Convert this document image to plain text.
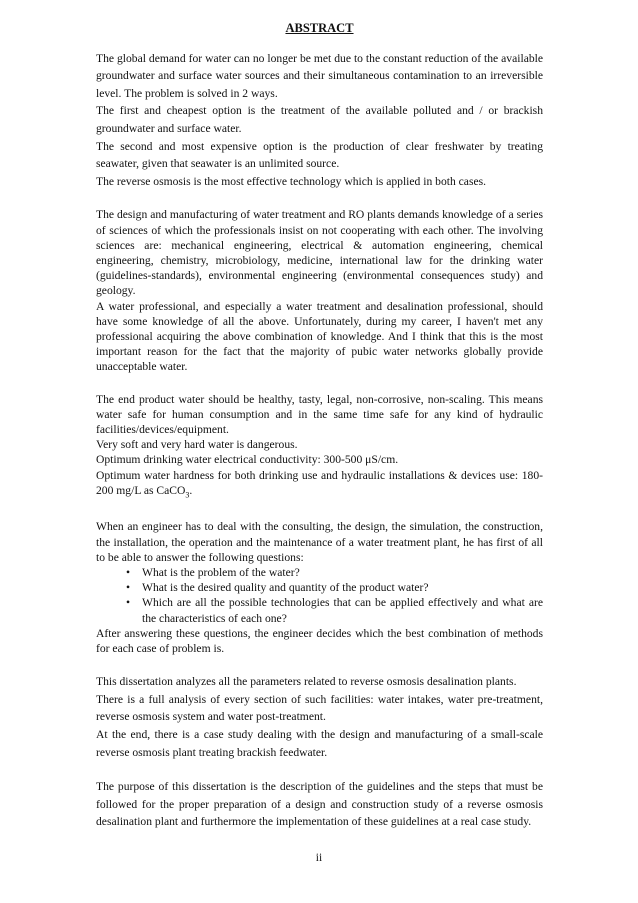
ABSTRACT

The global demand for water can no longer be met due to the constant reduction of the available groundwater and surface water sources and their simultaneous contamination to an irreversible level. The problem is solved in 2 ways.

The first and cheapest option is the treatment of the available polluted and / or brackish groundwater and surface water.

The second and most expensive option is the production of clear freshwater by treating seawater, given that seawater is an unlimited source.

The reverse osmosis is the most effective technology which is applied in both cases.

The design and manufacturing of water treatment and RO plants demands knowledge of a series of sciences of which the professionals insist on not cooperating with each other. The involving sciences are: mechanical engineering, electrical & automation engineering, chemical engineering, chemistry, microbiology, medicine, international law for the drinking water (guidelines-standards), environmental engineering (environmental consequences study) and geology.

A water professional, and especially a water treatment and desalination professional, should have some knowledge of all the above. Unfortunately, during my career, I haven't met any professional acquiring the above combination of knowledge. And I think that this is the most important reason for the fact that the majority of pubic water networks globally provide unacceptable water.

The end product water should be healthy, tasty, legal, non-corrosive, non-scaling. This means water safe for human consumption and in the same time safe for any kind of hydraulic facilities/devices/equipment.

Very soft and very hard water is dangerous.

Optimum drinking water electrical conductivity: 300-500 μS/cm.

Optimum water hardness for both drinking use and hydraulic installations & devices use: 180-200 mg/L as CaCO$_3$.

When an engineer has to deal with the consulting, the design, the simulation, the construction, the installation, the operation and the maintenance of a water treatment plant, he has first of all to be able to answer the following questions:

• What is the problem of the water?
• What is the desired quality and quantity of the product water?
• Which are all the possible technologies that can be applied effectively and what are the characteristics of each one?

After answering these questions, the engineer decides which the best combination of methods for each case of problem is.

This dissertation analyzes all the parameters related to reverse osmosis desalination plants.

There is a full analysis of every section of such facilities: water intakes, water pre-treatment, reverse osmosis system and water post-treatment.

At the end, there is a case study dealing with the design and manufacturing of a small-scale reverse osmosis plant treating brackish feedwater.

The purpose of this dissertation is the description of the guidelines and the steps that must be followed for the proper preparation of a design and construction study of a reverse osmosis desalination plant and furthermore the implementation of these guidelines at a real case study.

ii
